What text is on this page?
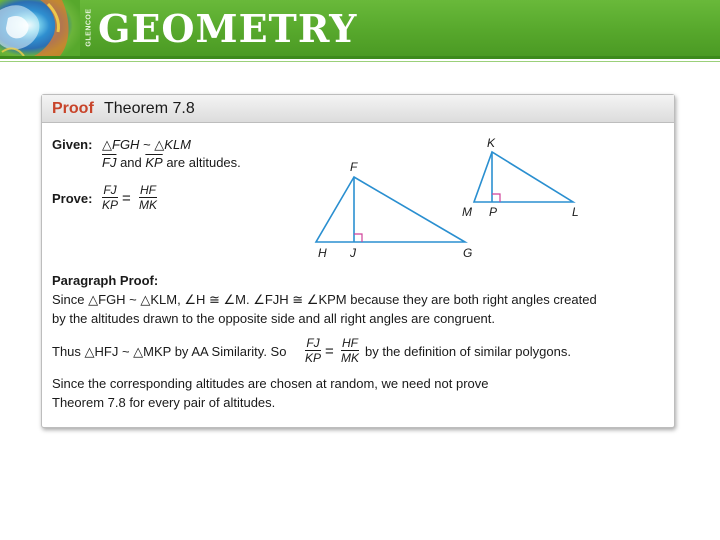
GLENCOE GEOMETRY
Proof Theorem 7.8
Given: △FGH ~ △KLM
$\overline{FJ}$ and $\overline{KP}$ are altitudes.
Prove: $\frac{FJ}{KP} = \frac{HF}{MK}$
F
H J	G
K
M P	L
Paragraph Proof:
Since △FGH ~ △KLM, ∠H ≅ ∠M. ∠FJH ≅ ∠KPM because they are both right angles created
by the altitudes drawn to the opposite side and all right angles are congruent.
Thus △HFJ ~ △MKP by AA Similarity. So $\frac{FJ}{KP} = \frac{HF}{MK}$ by the definition of similar polygons.
Since the corresponding altitudes are chosen at random, we need not prove
Theorem 7.8 for every pair of altitudes.
